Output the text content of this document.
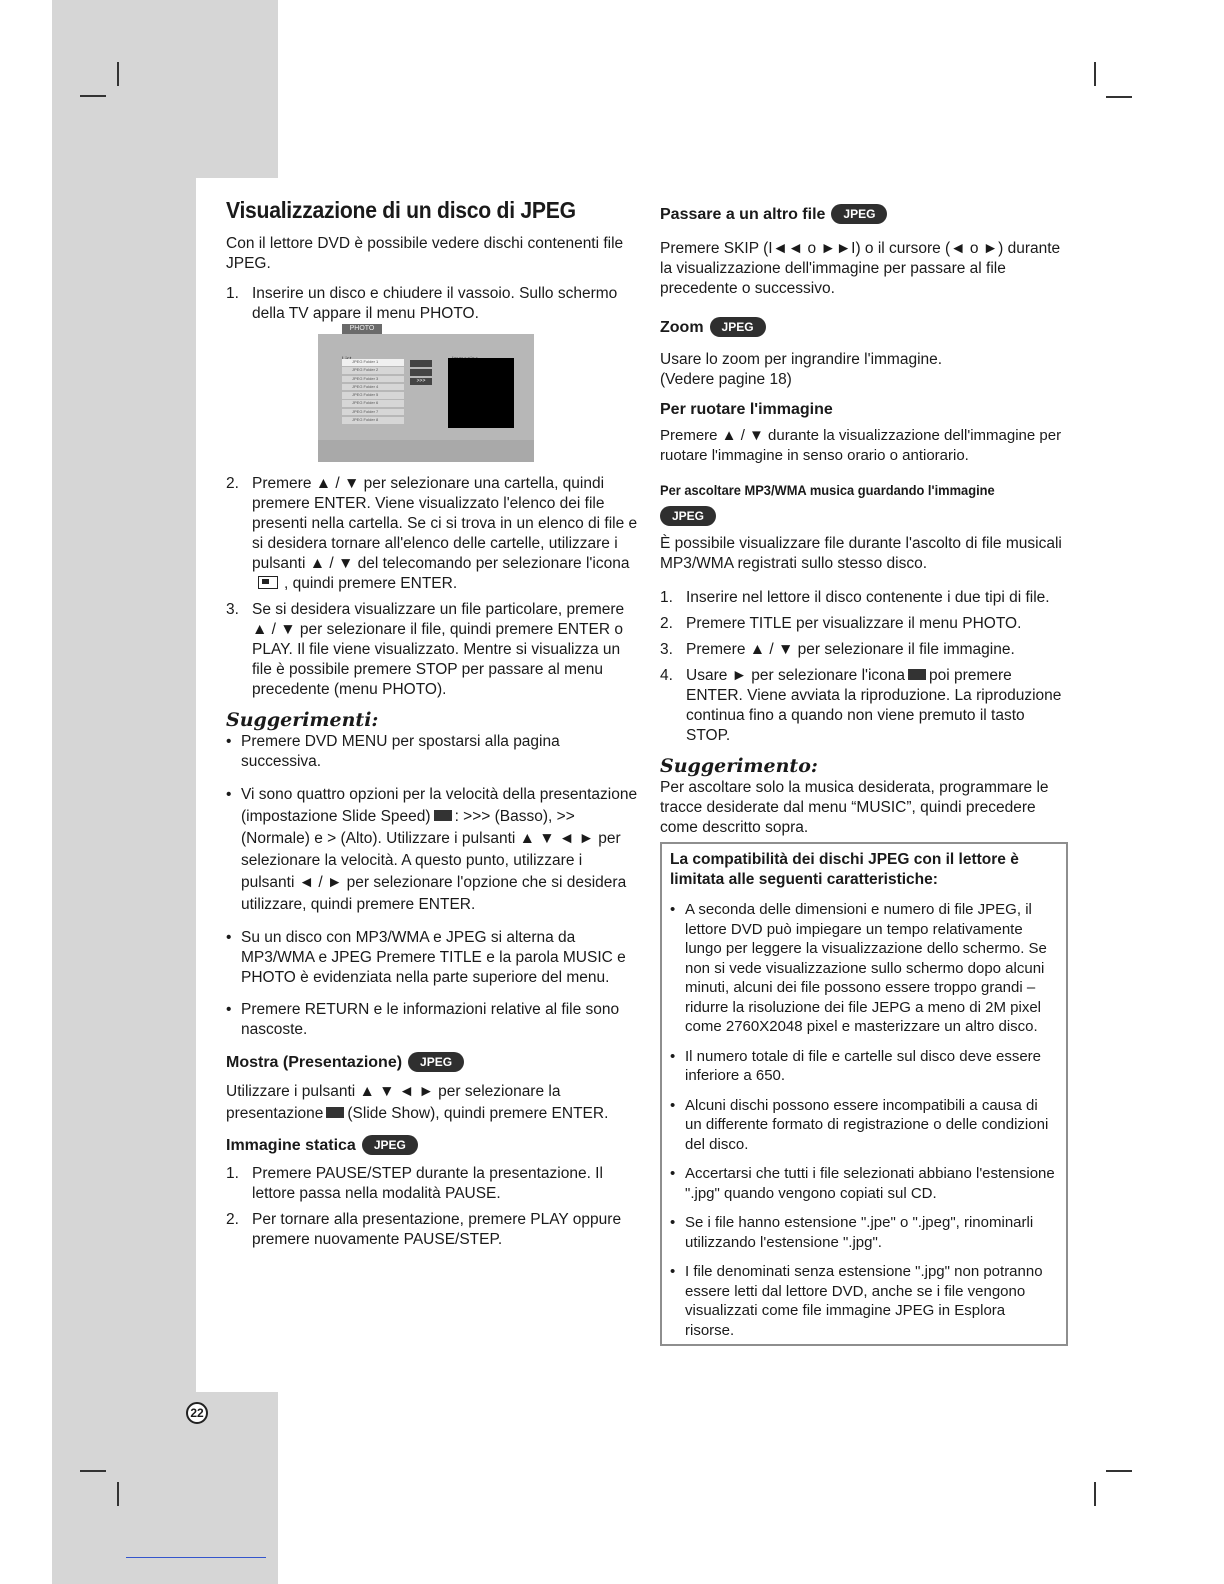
22
Visualizzazione di un disco di JPEG

Con il lettore DVD è possibile vedere dischi contenenti file JPEG.

1. Inserire un disco e chiudere il vassoio. Sullo schermo della TV appare il menu PHOTO.
PHOTO
JPEG Folder 1
JPEG Folder 2
JPEG Folder 3
JPEG Folder 4
JPEG Folder 5
JPEG Folder 6
JPEG Folder 7
JPEG Folder 8
>>>
2. Premere ▲ / ▼ per selezionare una cartella, quindi premere ENTER. Viene visualizzato l'elenco dei file presenti nella cartella. Se ci si trova in un elenco di file e si desidera tornare all'elenco delle cartelle, utilizzare i pulsanti ▲ / ▼ del telecomando per selezionare l'icona, quindi premere ENTER.
3. Se si desidera visualizzare un file particolare, premere ▲ / ▼ per selezionare il file, quindi premere ENTER o PLAY. Il file viene visualizzato. Mentre si visualizza un file è possibile premere STOP per passare al menu precedente (menu PHOTO).
Suggerimenti:
• Premere DVD MENU per spostarsi alla pagina successiva.
• Vi sono quattro opzioni per la velocità della presentazione (impostazione Slide Speed) : >>> (Basso), >> (Normale) e > (Alto). Utilizzare i pulsanti ▲ ▼ ◄ ► per selezionare la velocità. A questo punto, utilizzare i pulsanti ◄ / ► per selezionare l'opzione che si desidera utilizzare, quindi premere ENTER.
• Su un disco con MP3/WMA e JPEG si alterna da MP3/WMA e JPEG Premere TITLE e la parola MUSIC e PHOTO è evidenziata nella parte superiore del menu.
• Premere RETURN e le informazioni relative al file sono nascoste.
Mostra (Presentazione) JPEG

Utilizzare i pulsanti ▲ ▼ ◄ ► per selezionare la presentazione (Slide Show), quindi premere ENTER.

Immagine statica JPEG
1. Premere PAUSE/STEP durante la presentazione. Il lettore passa nella modalità PAUSE.
2. Per tornare alla presentazione, premere PLAY oppure premere nuovamente PAUSE/STEP.
Passare a un altro file JPEG

Premere SKIP (I◄◄ o ►►I) o il cursore (◄ o ►) durante la visualizzazione dell'immagine per passare al file precedente o successivo.

Zoom JPEG

Usare lo zoom per ingrandire l'immagine.
(Vedere pagine 18)

Per ruotare l'immagine

Premere ▲ / ▼ durante la visualizzazione dell'immagine per ruotare l'immagine in senso orario o antiorario.

Per ascoltare MP3/WMA musica guardando l'immagine
JPEG

È possibile visualizzare file durante l'ascolto di file musicali MP3/WMA registrati sullo stesso disco.

1. Inserire nel lettore il disco contenente i due tipi di file.
2. Premere TITLE per visualizzare il menu PHOTO.
3. Premere ▲ / ▼ per selezionare il file immagine.
4. Usare ► per selezionare l'icona poi premere ENTER. Viene avviata la riproduzione. La riproduzione continua fino a quando non viene premuto il tasto STOP.
Suggerimento:

Per ascoltare solo la musica desiderata, programmare le tracce desiderate dal menu “MUSIC”, quindi precedere come descritto sopra.

La compatibilità dei dischi JPEG con il lettore è limitata alle seguenti caratteristiche:
• A seconda delle dimensioni e numero di file JPEG, il lettore DVD può impiegare un tempo relativamente lungo per leggere la visualizzazione dello schermo. Se non si vede visualizzazione sullo schermo dopo alcuni minuti, alcuni dei file possono essere troppo grandi – ridurre la risoluzione dei file JEPG a meno di 2M pixel come 2760X2048 pixel e masterizzare un altro disco.
• Il numero totale di file e cartelle sul disco deve essere inferiore a 650.
• Alcuni dischi possono essere incompatibili a causa di un differente formato di registrazione o delle condizioni del disco.
• Accertarsi che tutti i file selezionati abbiano l'estensione ".jpg" quando vengono copiati sul CD.
• Se i file hanno estensione ".jpe" o ".jpeg", rinominarli utilizzando l'estensione ".jpg".
• I file denominati senza estensione ".jpg" non potranno essere letti dal lettore DVD, anche se i file vengono visualizzati come file immagine JPEG in Esplora risorse.
